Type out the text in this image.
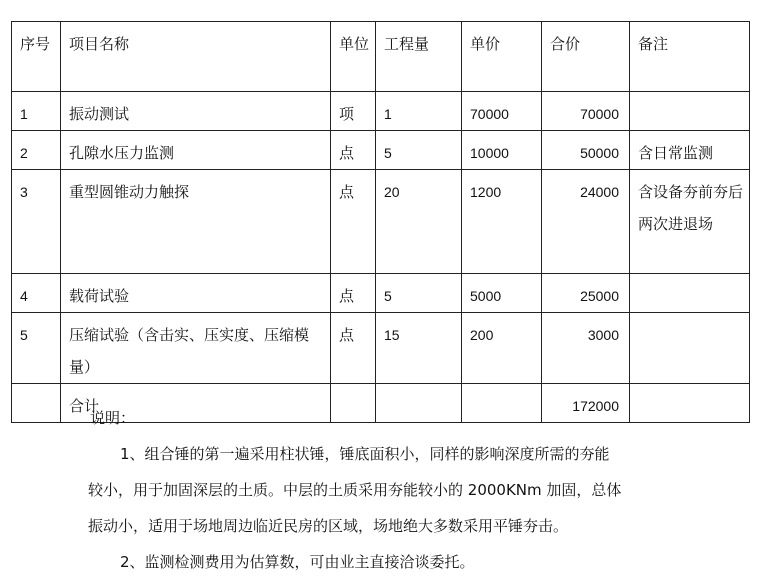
序号	项目名称	单位	工程量	单价	合价	备注
1	振动测试	项	1	70000	70000	
2	孔隙水压力监测	点	5	10000	50000	含日常监测
3	重型圆锥动力触探	点	20	1200	24000	含设备夯前夯后两次进退场
4	载荷试验	点	5	5000	25000	
5	压缩试验（含击实、压实度、压缩模量）	点	15	200	3000	
	合计				172000	

说明：

1、组合锤的第一遍采用柱状锤，锤底面积小，同样的影响深度所需的夯能

较小，用于加固深层的土质。中层的土质采用夯能较小的 2000KNm 加固，总体

振动小，适用于场地周边临近民房的区域，场地绝大多数采用平锤夯击。

2、监测检测费用为估算数，可由业主直接洽谈委托。
